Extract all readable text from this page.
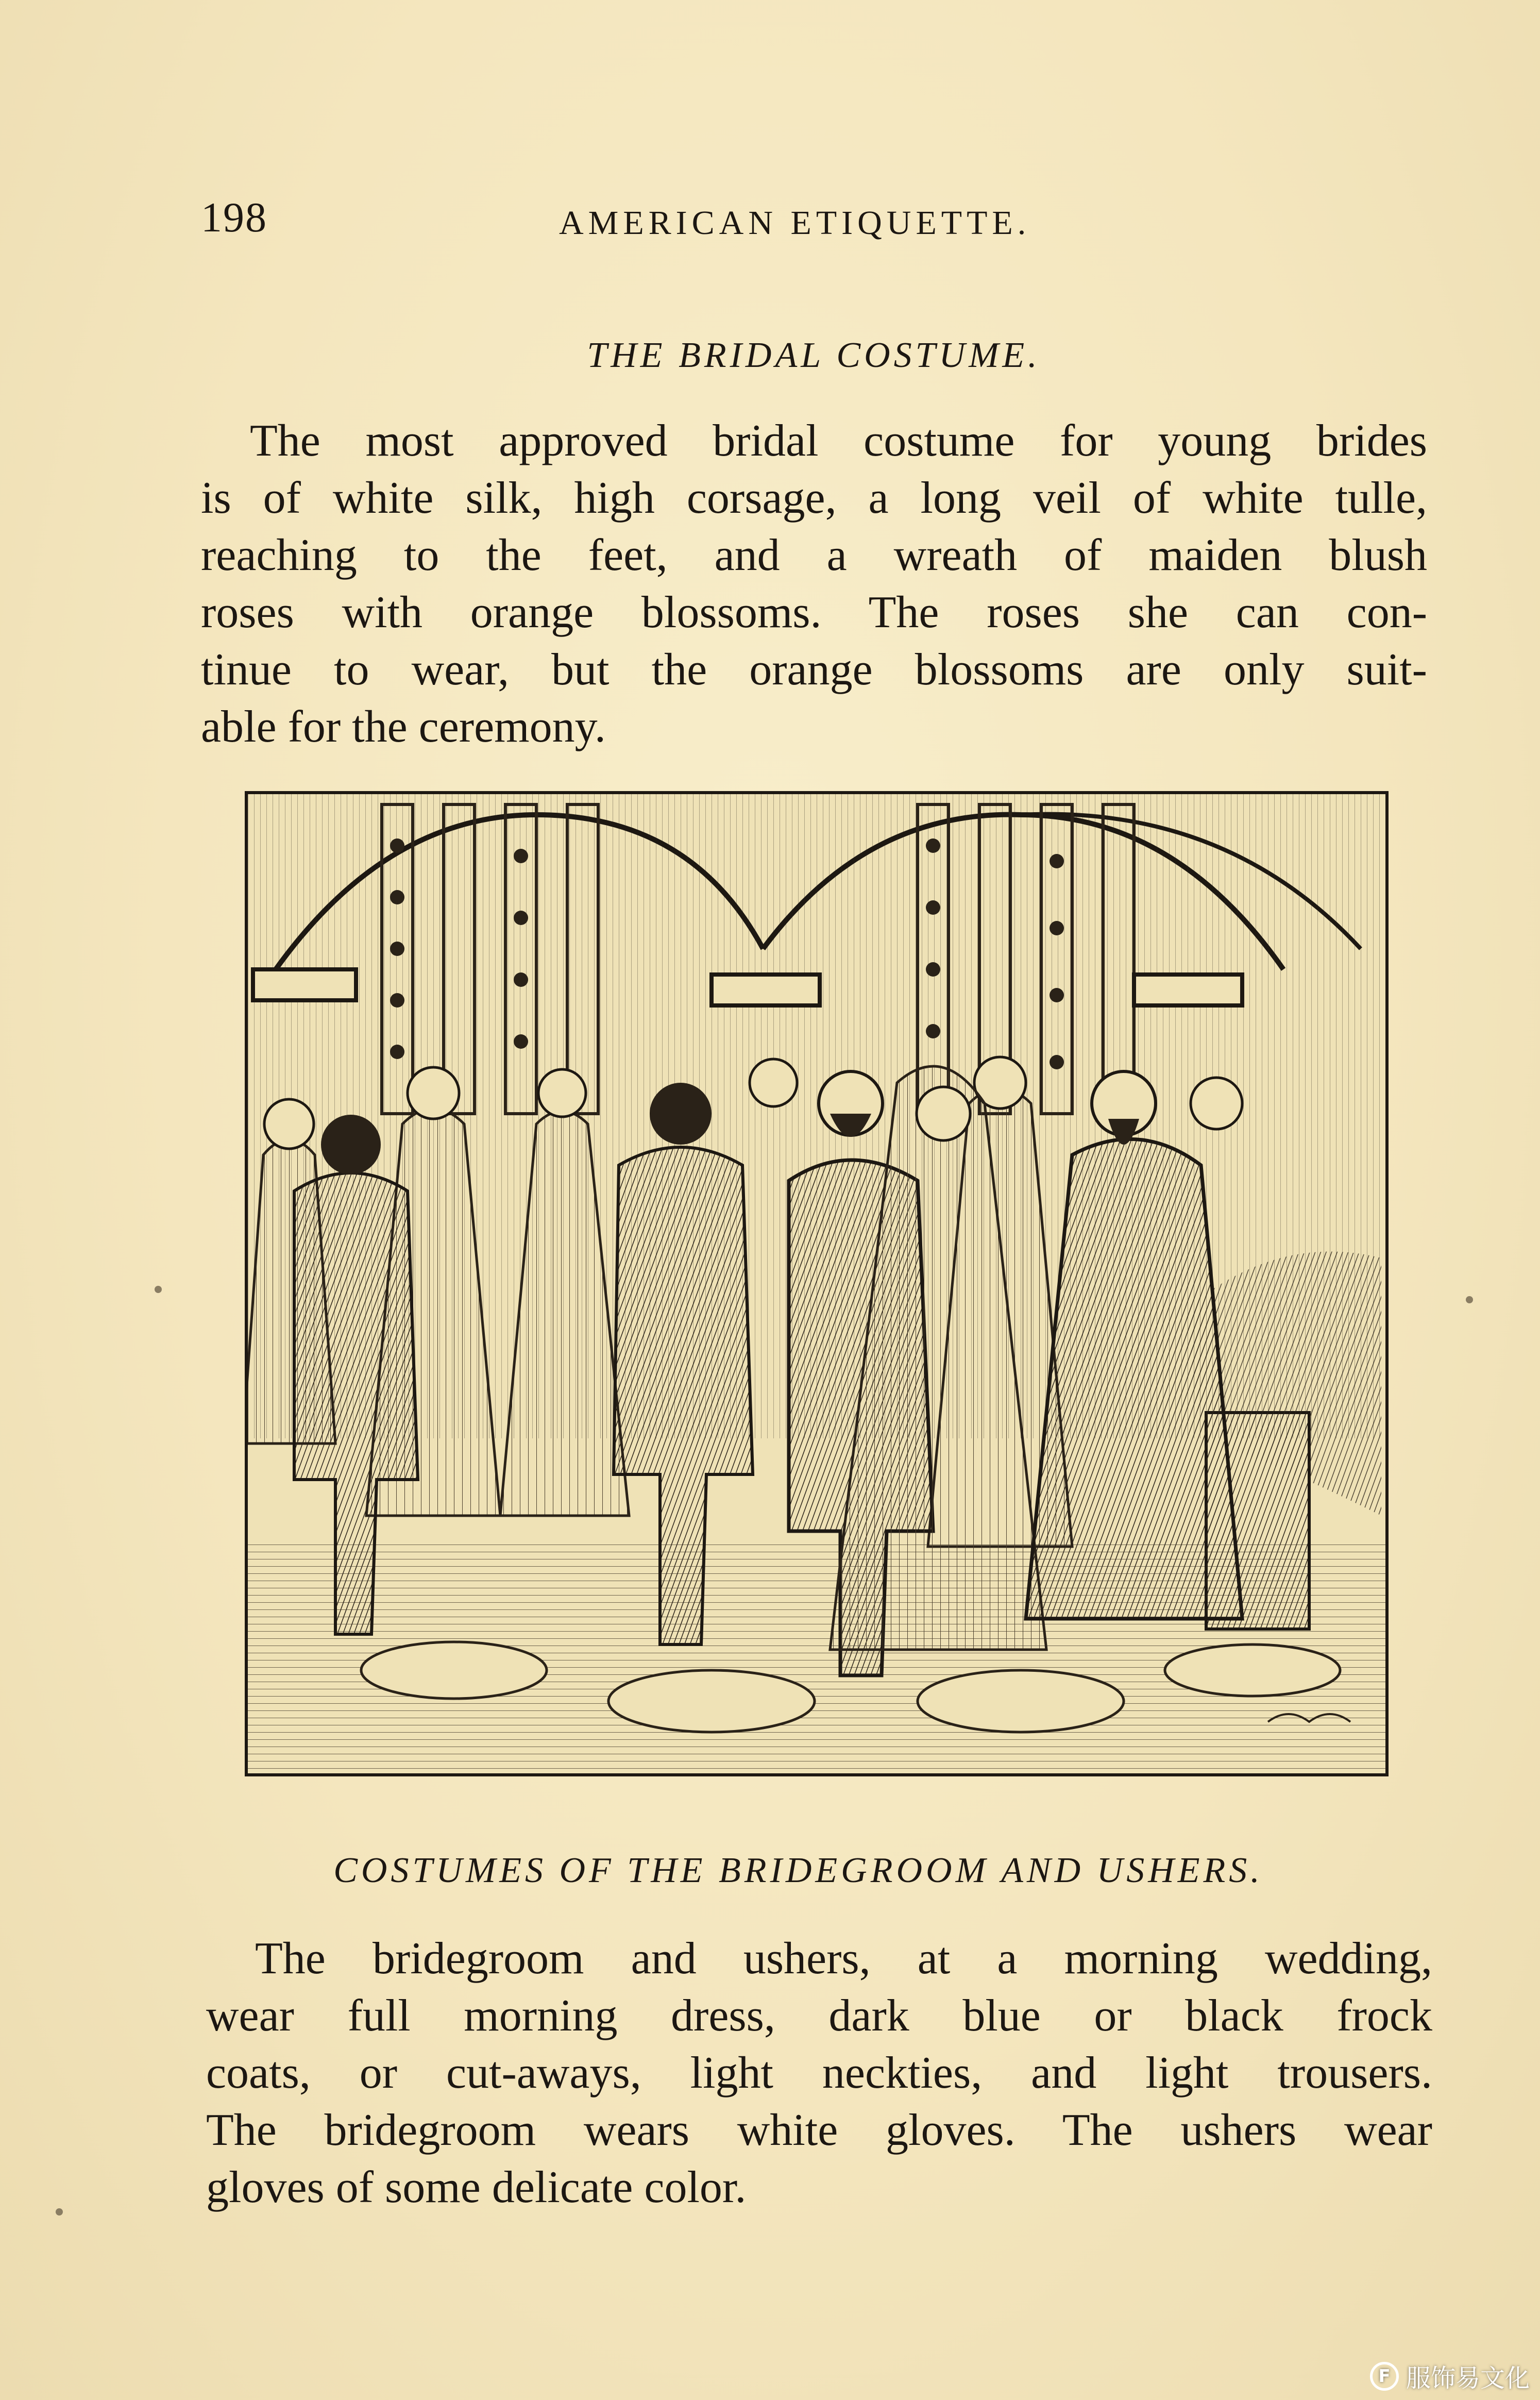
198	AMERICAN ETIQUETTE.
THE BRIDAL COSTUME.

The most approved bridal costume for young brides
is of white silk, high corsage, a long veil of white tulle,
reaching to the feet, and a wreath of maiden blush
roses with orange blossoms. The roses she can con-
tinue to wear, but the orange blossoms are only suit-
able for the ceremony.

COSTUMES OF THE BRIDEGROOM AND USHERS.

The bridegroom and ushers, at a morning wedding,
wear full morning dress, dark blue or black frock
coats, or cut-aways, light neckties, and light trousers.
The bridegroom wears white gloves. The ushers wear
gloves of some delicate color.

F 服饰易文化
